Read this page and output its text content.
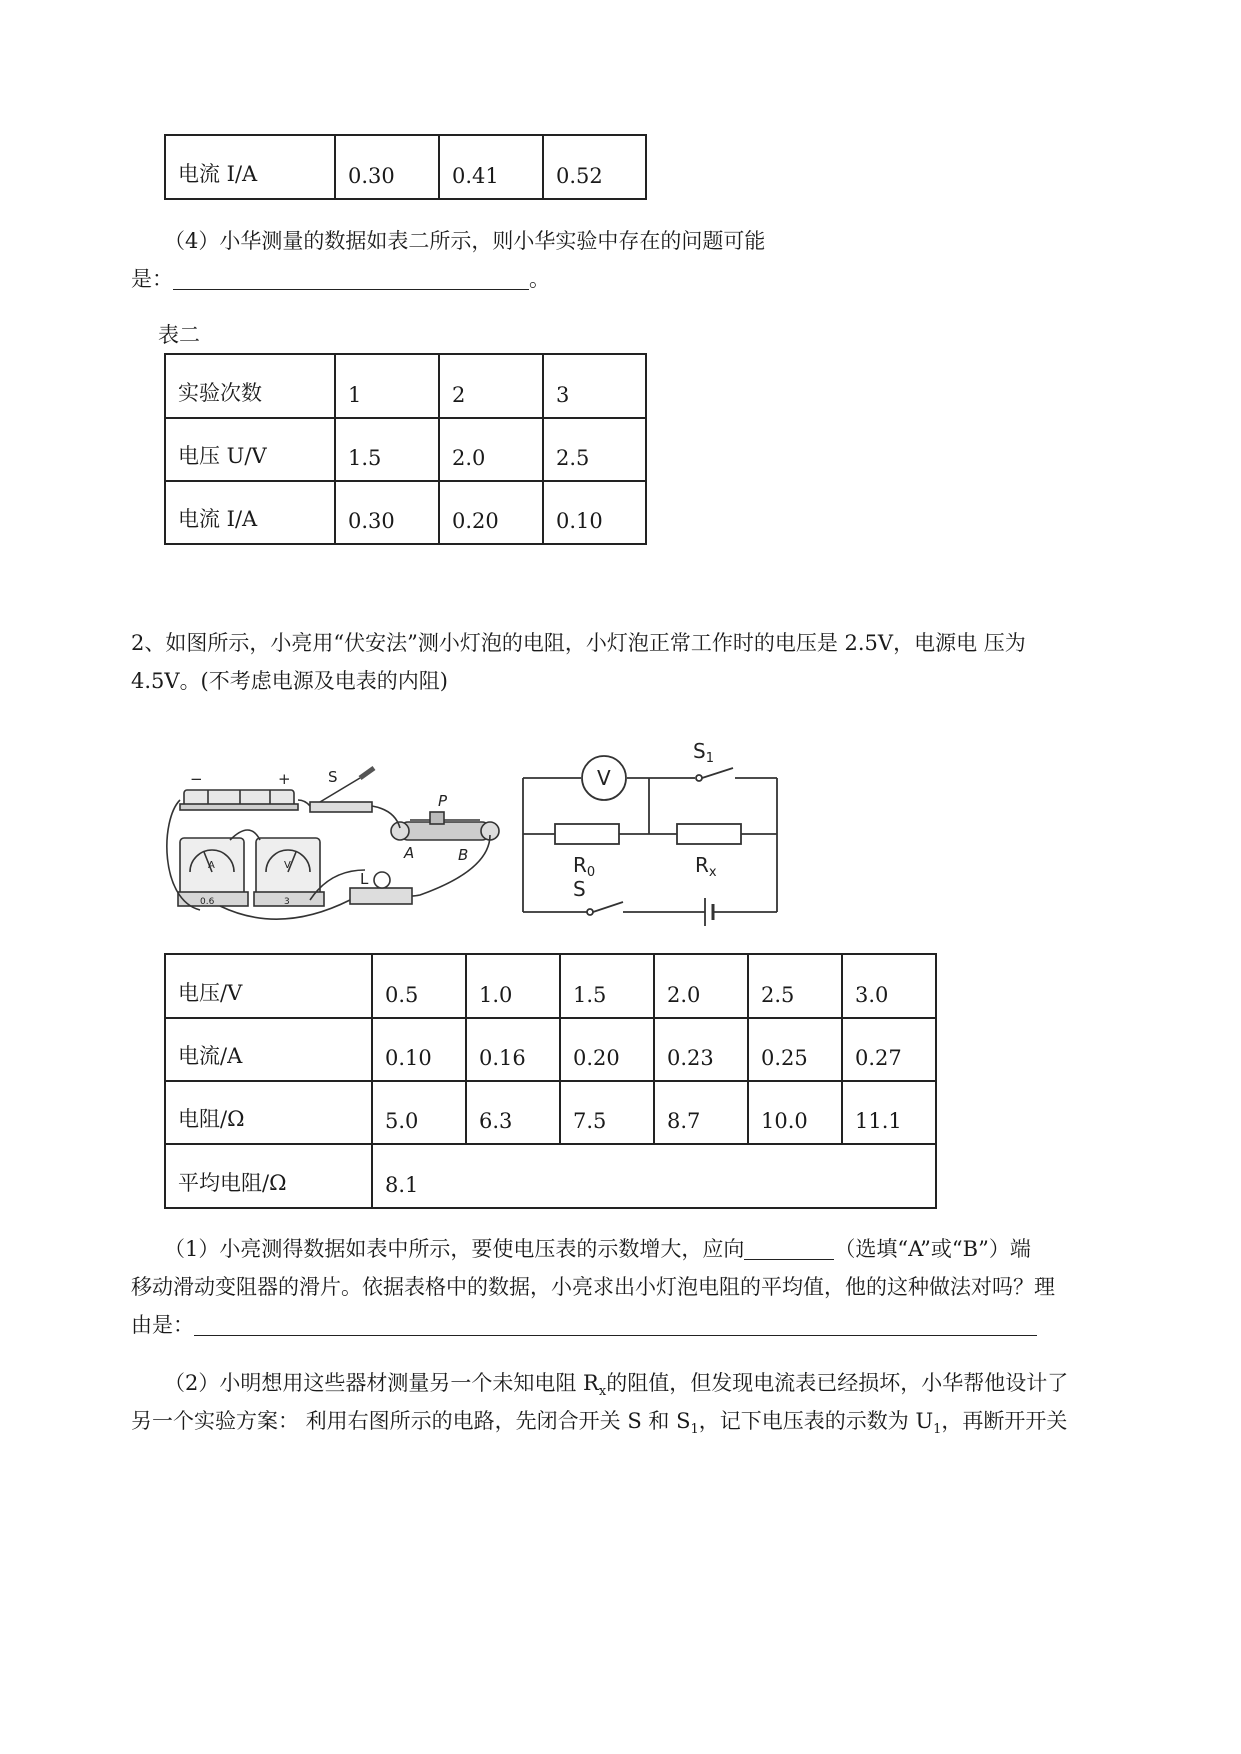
电流 I/A	0.30	0.41	0.52
（4）小华测量的数据如表二所示，则小华实验中存在的问题可能
是：	。
表二
实验次数	1	2	3
电压 U/V	1.5	2.0	2.5
电流 I/A	0.30	0.20	0.10
2、如图所示，小亮用“伏安法”测小灯泡的电阻，小灯泡正常工作时的电压是 2.5V，电源电 压为
4.5V。(不考虑电源及电表的内阻)
−	+ S
P
A	B
L
0.6	3
A	V
V
$S_1$
$R_0$	$R_x$
S
电压/V	0.5	1.0	1.5	2.0	2.5	3.0
电流/A	0.10	0.16	0.20	0.23	0.25	0.27
电阻/Ω	5.0	6.3	7.5	8.7	10.0	11.1
平均电阻/Ω	8.1					
（1）小亮测得数据如表中所示，要使电压表的示数增大，应向	（选填“A”或“B”）端
移动滑动变阻器的滑片。依据表格中的数据，小亮求出小灯泡电阻的平均值，他的这种做法对吗？理
由是：
（2）小明想用这些器材测量另一个未知电阻 $R_x$的阻值，但发现电流表已经损坏，小华帮他设计了
另一个实验方案： 利用右图所示的电路，先闭合开关 S 和 $S_1$，记下电压表的示数为 $U_1$，再断开开关
